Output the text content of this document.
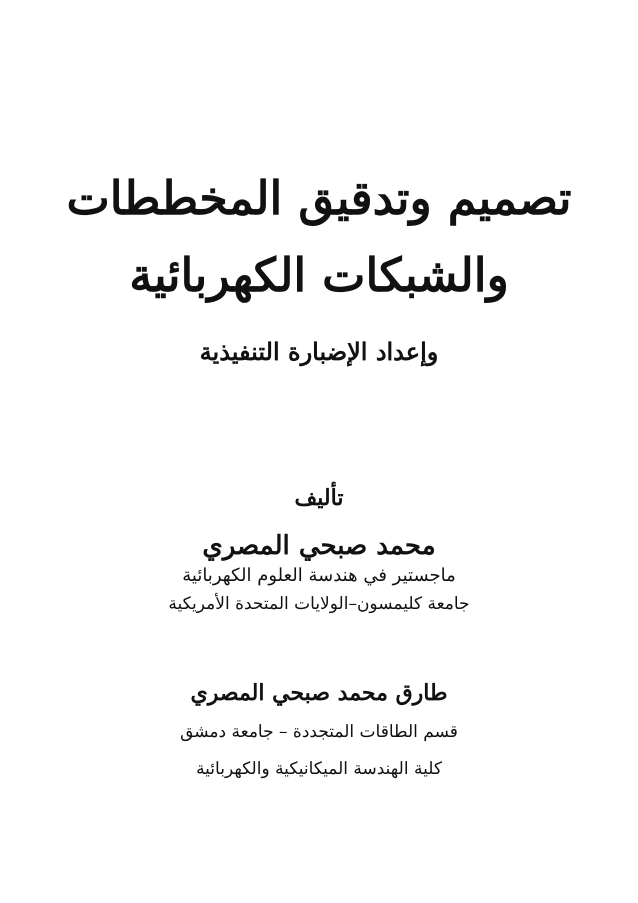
تصميم وتدقيق المخططات
والشبكات الكهربائية
وإعداد الإضبارة التنفيذية
تأليف
محمد صبحي المصري
ماجستير في هندسة العلوم الكهربائية
جامعة كليمسون–الولايات المتحدة الأمريكية
طارق محمد صبحي المصري
قسم الطاقات المتجددة – جامعة دمشق
كلية الهندسة الميكانيكية والكهربائية
